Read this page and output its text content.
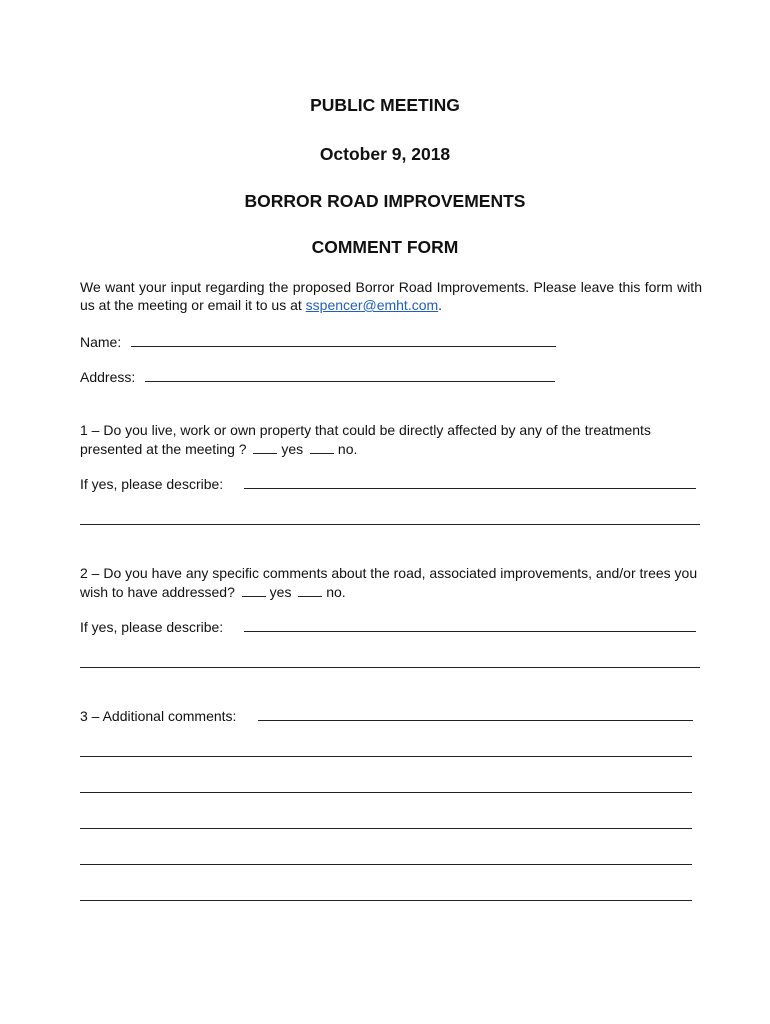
PUBLIC MEETING
October 9, 2018
BORROR ROAD IMPROVEMENTS
COMMENT FORM
We want your input regarding the proposed Borror Road Improvements. Please leave this form with us at the meeting or email it to us at sspencer@emht.com.
Name:
Address:
1 – Do you live, work or own property that could be directly affected by any of the treatments presented at the meeting ? yes no.
If yes, please describe:
2 – Do you have any specific comments about the road, associated improvements, and/or trees you wish to have addressed? yes no.
If yes, please describe:
3 – Additional comments:
